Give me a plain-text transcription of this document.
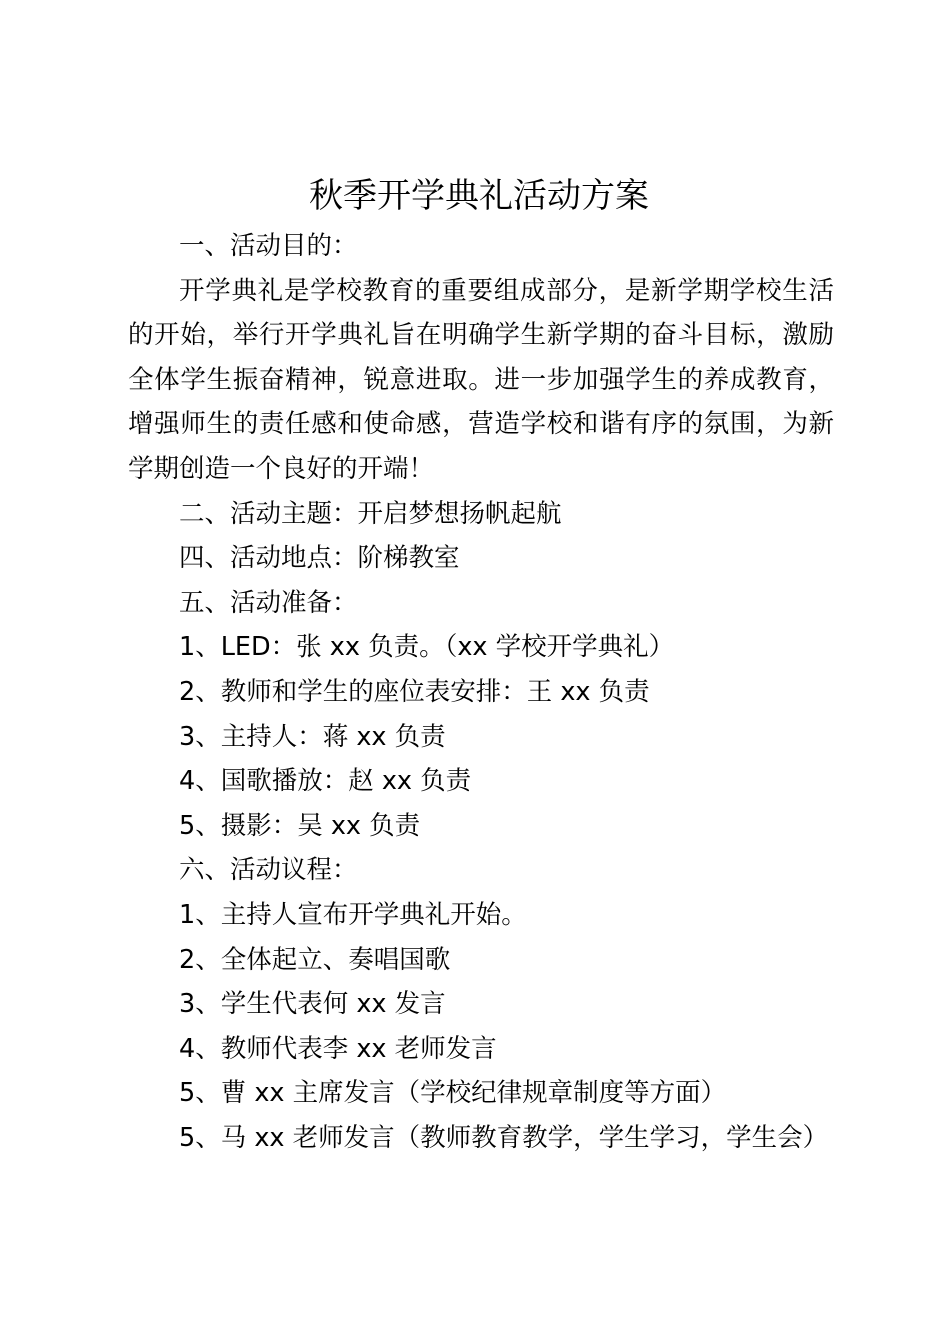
秋季开学典礼活动方案

一、活动目的：

开学典礼是学校教育的重要组成部分，是新学期学校生活的开始，举行开学典礼旨在明确学生新学期的奋斗目标，激励全体学生振奋精神，锐意进取。进一步加强学生的养成教育，增强师生的责任感和使命感，营造学校和谐有序的氛围，为新学期创造一个良好的开端！

二、活动主题：开启梦想扬帆起航

四、活动地点：阶梯教室

五、活动准备：

1、LED：张 xx 负责。（xx 学校开学典礼）

2、教师和学生的座位表安排：王 xx 负责

3、主持人：蒋 xx 负责

4、国歌播放：赵 xx 负责

5、摄影：吴 xx 负责

六、活动议程：

1、主持人宣布开学典礼开始。

2、全体起立、奏唱国歌

3、学生代表何 xx 发言

4、教师代表李 xx 老师发言

5、曹 xx 主席发言（学校纪律规章制度等方面）

5、马 xx 老师发言（教师教育教学，学生学习，学生会）
